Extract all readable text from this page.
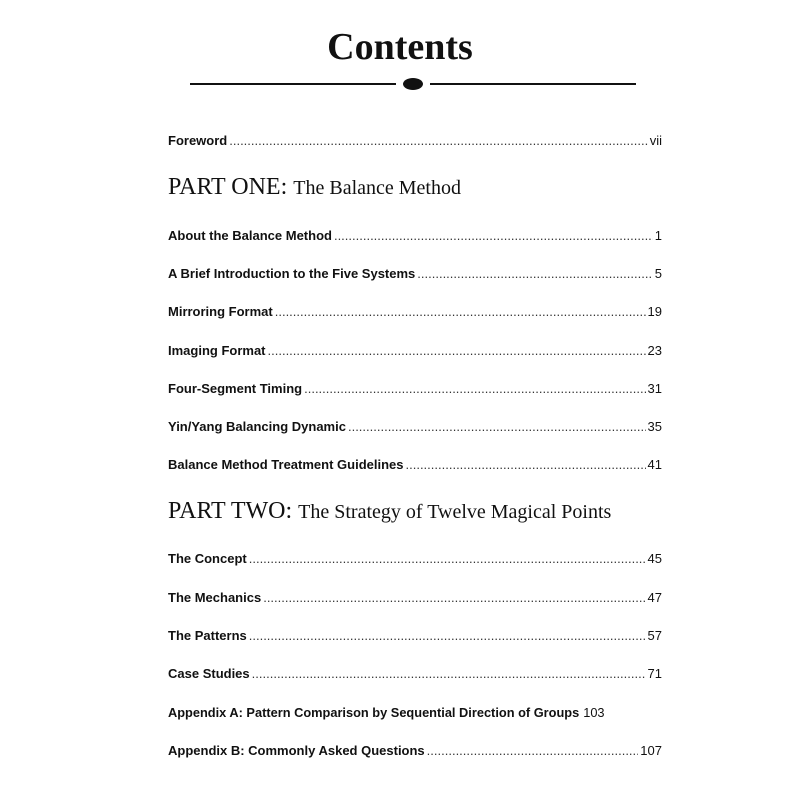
Contents
Foreword .....	vii
PART ONE: The Balance Method
About the Balance Method .....	1
A Brief Introduction to the Five Systems .....	5
Mirroring Format .....	19
Imaging Format .....	23
Four-Segment Timing .....	31
Yin/Yang Balancing Dynamic .....	35
Balance Method Treatment Guidelines .....	41
PART TWO: The Strategy of Twelve Magical Points
The Concept .....	45
The Mechanics .....	47
The Patterns .....	57
Case Studies .....	71
Appendix A: Pattern Comparison by Sequential Direction of Groups 103
Appendix B: Commonly Asked Questions .....	107
